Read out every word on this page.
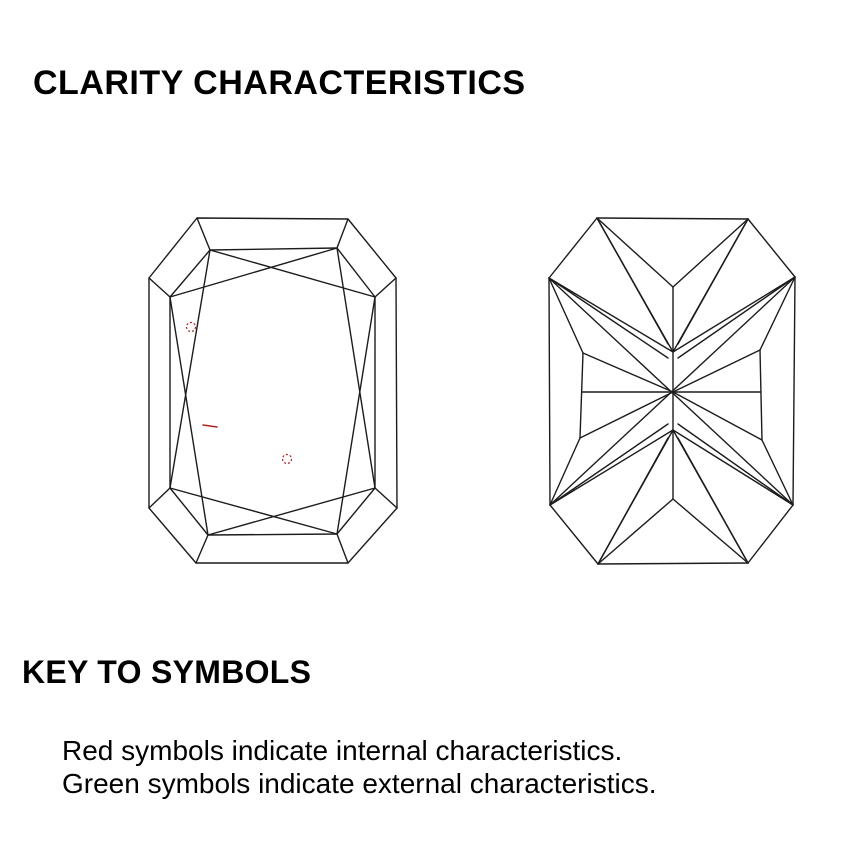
CLARITY CHARACTERISTICS
KEY TO SYMBOLS

Red symbols indicate internal characteristics.
Green symbols indicate external characteristics.
